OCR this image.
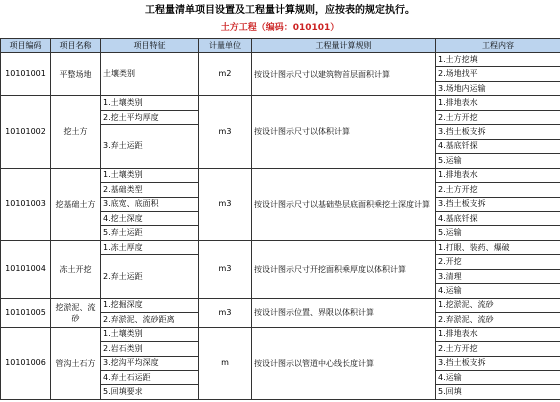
工程量清单项目设置及工程量计算规则，应按表的规定执行。
土方工程（编码：010101）
项目编码	项目名称	项目特征	计量单位	工程量计算规则	工程内容
10101001	平整场地	土壤类别	m2	按设计图示尺寸以建筑物首层面积计算	1.土方挖填
					2.场地找平
					3.场地内运输
10101002	挖土方	1.土壤类别	m3	按设计图示尺寸以体积计算	1.排地表水
		2.挖土平均厚度			2.土方开挖
		3.弃土运距			3.挡土板支拆
					4.基底钎探
					5.运输
10101003	挖基础土方	1.土壤类别	m3	按设计图示尺寸以基础垫层底面积乘挖土深度计算	1.排地表水
		2.基础类型			2.土方开挖
		3.底宽、底面积			3.挡土板支拆
		4.挖土深度			4.基底钎探
		5.弃土运距			5.运输
10101004	冻土开挖	1.冻土厚度	m3	按设计图示尺寸开挖面积乘厚度以体积计算	1.打眼、装药、爆破
		2.弃土运距			2.开挖
					3.清理
					4.运输
10101005	挖淤泥、流砂	1.挖掘深度	m3	按设计图示位置、界限以体积计算	1.挖淤泥、流砂
		2.弃淤泥、流砂距离			2.弃淤泥、流砂
10101006	管沟土石方	1.土壤类别	m	按设计图示以管道中心线长度计算	1.排地表水
		2.岩石类别			2.土方开挖
		3.挖沟平均深度			3.挡土板支拆
		4.弃土石运距			4.运输
		5.回填要求			5.回填
